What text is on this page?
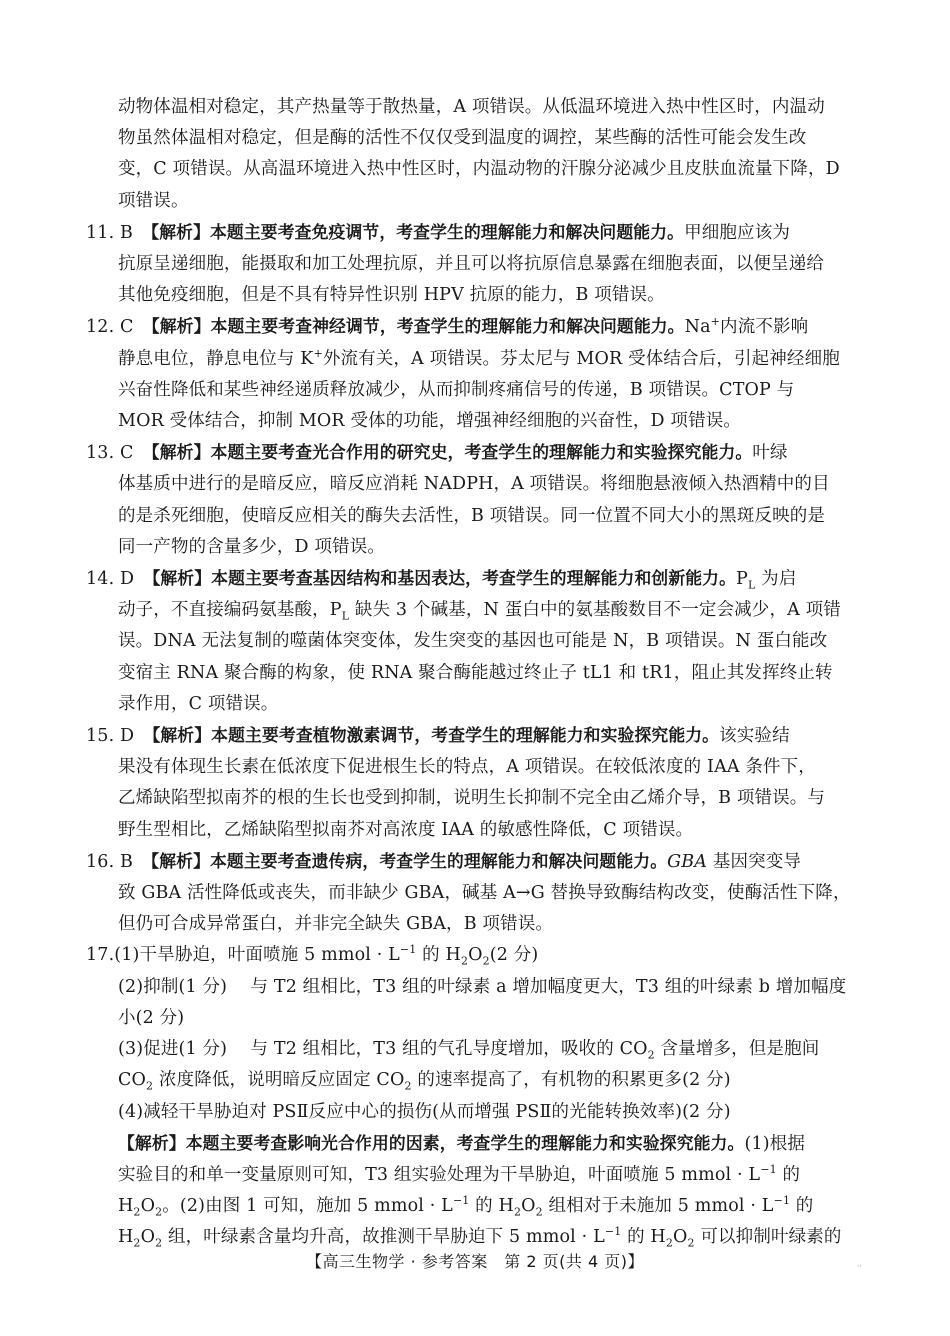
动物体温相对稳定，其产热量等于散热量，A 项错误。从低温环境进入热中性区时，内温动

物虽然体温相对稳定，但是酶的活性不仅仅受到温度的调控，某些酶的活性可能会发生改

变，C 项错误。从高温环境进入热中性区时，内温动物的汗腺分泌减少且皮肤血流量下降，D

项错误。

11. B　 【解析】本题主要考查免疫调节，考查学生的理解能力和解决问题能力。甲细胞应该为

抗原呈递细胞，能摄取和加工处理抗原，并且可以将抗原信息暴露在细胞表面，以便呈递给

其他免疫细胞，但是不具有特异性识别 HPV 抗原的能力，B 项错误。

12. C　 【解析】本题主要考查神经调节，考查学生的理解能力和解决问题能力。Na+内流不影响

静息电位，静息电位与 K+外流有关，A 项错误。芬太尼与 MOR 受体结合后，引起神经细胞

兴奋性降低和某些神经递质释放减少，从而抑制疼痛信号的传递，B 项错误。CTOP 与

MOR 受体结合，抑制 MOR 受体的功能，增强神经细胞的兴奋性，D 项错误。

13. C　 【解析】本题主要考查光合作用的研究史，考查学生的理解能力和实验探究能力。叶绿

体基质中进行的是暗反应，暗反应消耗 NADPH，A 项错误。将细胞悬液倾入热酒精中的目

的是杀死细胞，使暗反应相关的酶失去活性，B 项错误。同一位置不同大小的黑斑反映的是

同一产物的含量多少，D 项错误。

14. D　 【解析】本题主要考查基因结构和基因表达，考查学生的理解能力和创新能力。$P_L$ 为启

动子，不直接编码氨基酸，$P_L$ 缺失 3 个碱基，N 蛋白中的氨基酸数目不一定会减少，A 项错

误。DNA 无法复制的噬菌体突变体，发生突变的基因也可能是 N，B 项错误。N 蛋白能改

变宿主 RNA 聚合酶的构象，使 RNA 聚合酶能越过终止子 tL1 和 tR1，阻止其发挥终止转

录作用，C 项错误。

15. D　 【解析】本题主要考查植物激素调节，考查学生的理解能力和实验探究能力。该实验结

果没有体现生长素在低浓度下促进根生长的特点，A 项错误。在较低浓度的 IAA 条件下，

乙烯缺陷型拟南芥的根的生长也受到抑制，说明生长抑制不完全由乙烯介导，B 项错误。与

野生型相比，乙烯缺陷型拟南芥对高浓度 IAA 的敏感性降低，C 项错误。

16. B　 【解析】本题主要考查遗传病，考查学生的理解能力和解决问题能力。GBA 基因突变导

致 GBA 活性降低或丧失，而非缺少 GBA，碱基 A→G 替换导致酶结构改变，使酶活性下降，

但仍可合成异常蛋白，并非完全缺失 GBA，B 项错误。

17.(1)干旱胁迫，叶面喷施 5 mmol · $L^{-1}$ 的 $H_2O_2(2$ 分)

(2)抑制(1 分)　 与 T2 组相比，T3 组的叶绿素 a 增加幅度更大，T3 组的叶绿素 b 增加幅度

小(2 分)

(3)促进(1 分)　 与 T2 组相比，T3 组的气孔导度增加，吸收的 $CO_2$ 含量增多，但是胞间

$CO_2$ 浓度降低，说明暗反应固定 $CO_2$ 的速率提高了，有机物的积累更多(2 分)

(4)减轻干旱胁迫对 PSⅡ反应中心的损伤(从而增强 PSⅡ的光能转换效率)(2 分)

【解析】本题主要考查影响光合作用的因素，考查学生的理解能力和实验探究能力。(1)根据

实验目的和单一变量原则可知，T3 组实验处理为干旱胁迫，叶面喷施 5 mmol · $L^{-1}$ 的

$H_2O_2$。(2)由图 1 可知，施加 5 mmol · $L^{-1}$ 的 $H_2O_2$ 组相对于未施加 5 mmol · $L^{-1}$ 的

$H_2O_2$ 组，叶绿素含量均升高，故推测干旱胁迫下 5 mmol · $L^{-1}$ 的 $H_2O_2$ 可以抑制叶绿素的

【高三生物学 · 参考答案　第 2 页(共 4 页)】	··
